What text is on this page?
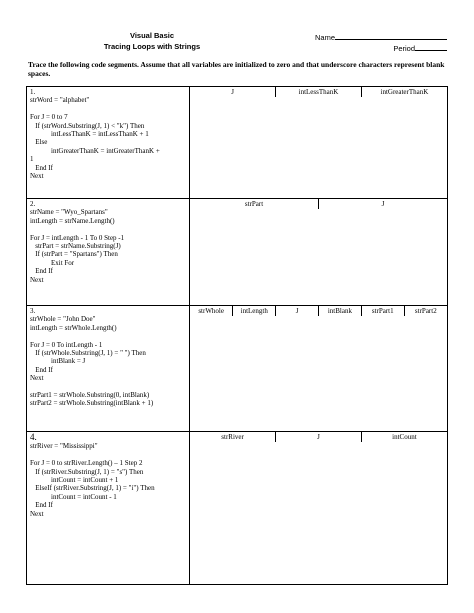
Visual Basic
Tracing Loops with Strings
Name
Period
Trace the following code segments. Assume that all variables are initialized to zero and that underscore characters represent blank spaces.
1.
strWord = "alphabet"

For J = 0 to 7
If (strWord.Substring(J, 1) < "k") Then
intLessThanK = intLessThanK + 1
Else
intGreaterThanK = intGreaterThanK +
1
End If
Next	
J	intLessThanK	intGreaterThanK

2.
strName = "Wyo_Spartans"
intLength = strName.Length()

For J = intLength - 1 To 0 Step -1
strPart = strName.Substring(J)
If (strPart = "Spartans") Then
Exit For
End If
Next	
strPart	J

3.
strWhole = "John Doe"
intLength = strWhole.Length()

For J = 0 To intLength - 1
If (strWhole.Substring(J, 1) = " ") Then
intBlank = J
End If
Next

strPart1 = strWhole.Substring(0, intBlank)
strPart2 = strWhole.Substring(intBlank + 1)	
strWhole	intLength	J	intBlank	strPart1	strPart2

4.
strRiver = "Mississippi"

For J = 0 to strRiver.Length() – 1 Step 2
If (strRiver.Substring(J, 1) = "s") Then
intCount = intCount + 1
ElseIf (strRiver.Substring(J, 1) = "i") Then
intCount = intCount - 1
End If
Next	
strRiver	J	intCount
